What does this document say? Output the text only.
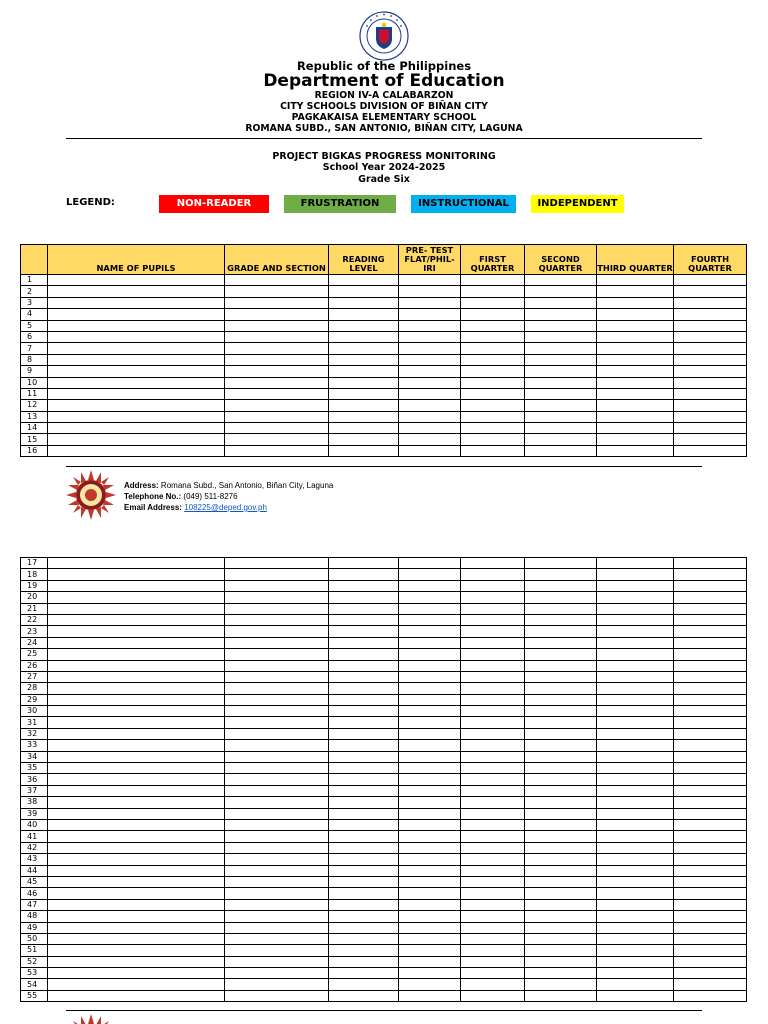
Republic of the Philippines
Department of Education
REGION IV-A CALABARZON
CITY SCHOOLS DIVISION OF BIÑAN CITY
PAGKAKAISA ELEMENTARY SCHOOL
ROMANA SUBD., SAN ANTONIO, BIÑAN CITY, LAGUNA
PROJECT BIGKAS PROGRESS MONITORING
School Year 2024-2025
Grade Six
LEGEND:	NON-READER	FRUSTRATION	INSTRUCTIONAL	INDEPENDENT
	NAME OF PUPILS	GRADE AND SECTION	READING LEVEL	PRE- TEST FLAT/PHIL-IRI	FIRST QUARTER	SECOND QUARTER	THIRD QUARTER	FOURTH QUARTER
1								
2								
3								
4								
5								
6								
7								
8								
9								
10								
11								
12								
13								
14								
15								
16								
Address: Romana Subd., San Antonio, Biñan City, Laguna
Telephone No.: (049) 511-8276
Email Address: 108225@deped.gov.ph
17								
18								
19								
20								
21								
22								
23								
24								
25								
26								
27								
28								
29								
30								
31								
32								
33								
34								
35								
36								
37								
38								
39								
40								
41								
42								
43								
44								
45								
46								
47								
48								
49								
50								
51								
52								
53								
54								
55								
